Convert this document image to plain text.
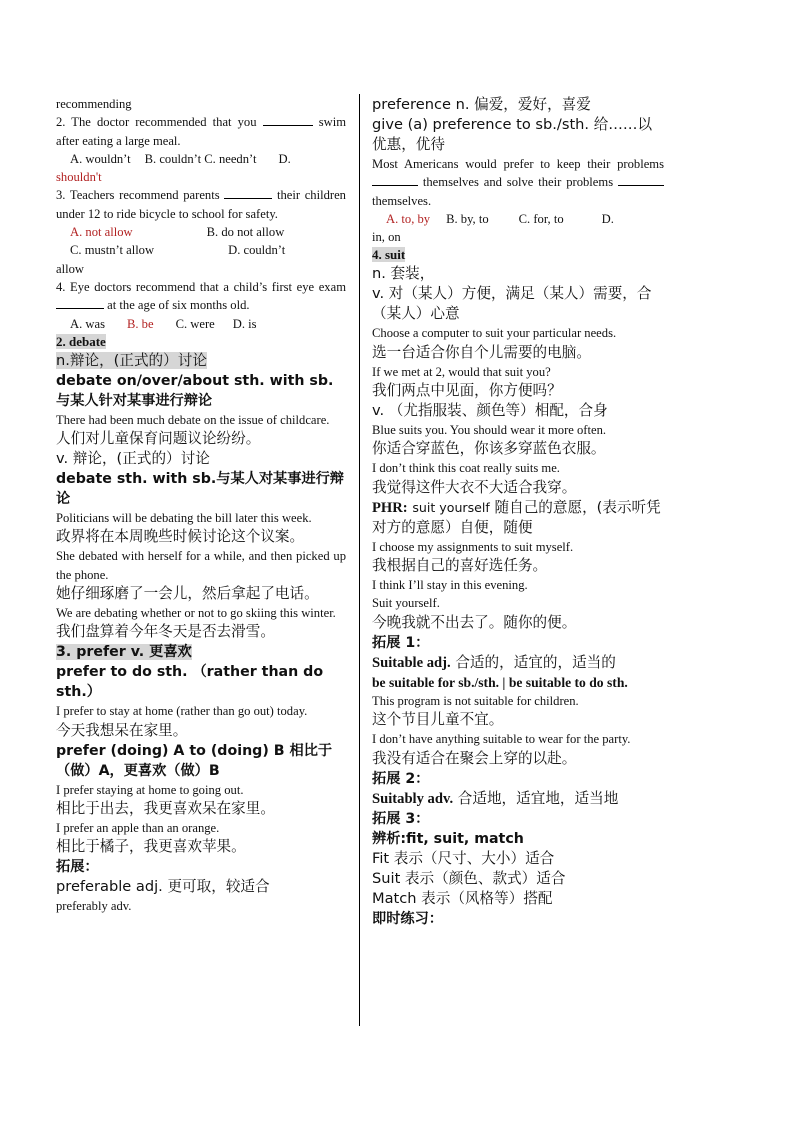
recommending

2. The doctor recommended that you	swim after eating a large meal.

A. wouldn’t B. couldn’t C. needn’t D.

shouldn't

3. Teachers recommend parents	their children under 12 to ride bicycle to school for safety.

A. not allow	B. do not allow

C. mustn’t allow	D. couldn’t

allow

4. Eye doctors recommend that a child’s first eye exam  at the age of six months old.

A. was B. be C. were D. is

2. debate

n.辩论，(正式的）讨论

debate on/over/about sth. with sb.与某人针对某事进行辩论

There had been much debate on the issue of childcare.

人们对儿童保育问题议论纷纷。

v. 辩论，(正式的）讨论

debate sth. with sb.与某人对某事进行辩论

Politicians will be debating the bill later this week.

政界将在本周晚些时候讨论这个议案。

She debated with herself for a while, and then picked up the phone.

她仔细琢磨了一会儿，然后拿起了电话。

We are debating whether or not to go skiing this winter.

我们盘算着今年冬天是否去滑雪。

3. prefer v. 更喜欢

prefer to do sth. （rather than do sth.）

I prefer to stay at home (rather than go out) today.

今天我想呆在家里。

prefer (doing) A to (doing) B 相比于（做）A，更喜欢（做）B

I prefer staying at home to going out.

相比于出去，我更喜欢呆在家里。

I prefer an apple than an orange.

相比于橘子，我更喜欢苹果。

拓展：

preferable adj. 更可取，较适合

preferably adv.

preference n. 偏爱，爱好，喜爱

give (a) preference to sb./sth. 给……以优惠，优待

Most Americans would prefer to keep their problems  themselves and solve their problems  themselves.

A. to, by B. by, to C. for, to	D.

in, on

4. suit

n. 套装，

v. 对（某人）方便，满足（某人）需要，合（某人）心意

Choose a computer to suit your particular needs.

选一台适合你自个儿需要的电脑。

If we met at 2, would that suit you?

我们两点中见面，你方便吗？

v. （尤指服装、颜色等）相配，合身

Blue suits you. You should wear it more often.

你适合穿蓝色，你该多穿蓝色衣服。

I don’t think this coat really suits me.

我觉得这件大衣不大适合我穿。

PHR: suit yourself 随自己的意愿，(表示听凭对方的意愿）自便，随便

I choose my assignments to suit myself.

我根据自己的喜好选任务。

I think I’ll stay in this evening.

Suit yourself.

今晚我就不出去了。随你的便。

拓展 1：

Suitable adj. 合适的，适宜的，适当的

be suitable for sb./sth. | be suitable to do sth.

This program is not suitable for children.

这个节目儿童不宜。

I don’t have anything suitable to wear for the party.

我没有适合在聚会上穿的以赴。

拓展 2：

Suitably adv. 合适地，适宜地，适当地

拓展 3：

辨析:fit, suit, match

Fit 表示（尺寸、大小）适合

Suit 表示（颜色、款式）适合

Match 表示（风格等）搭配

即时练习：
